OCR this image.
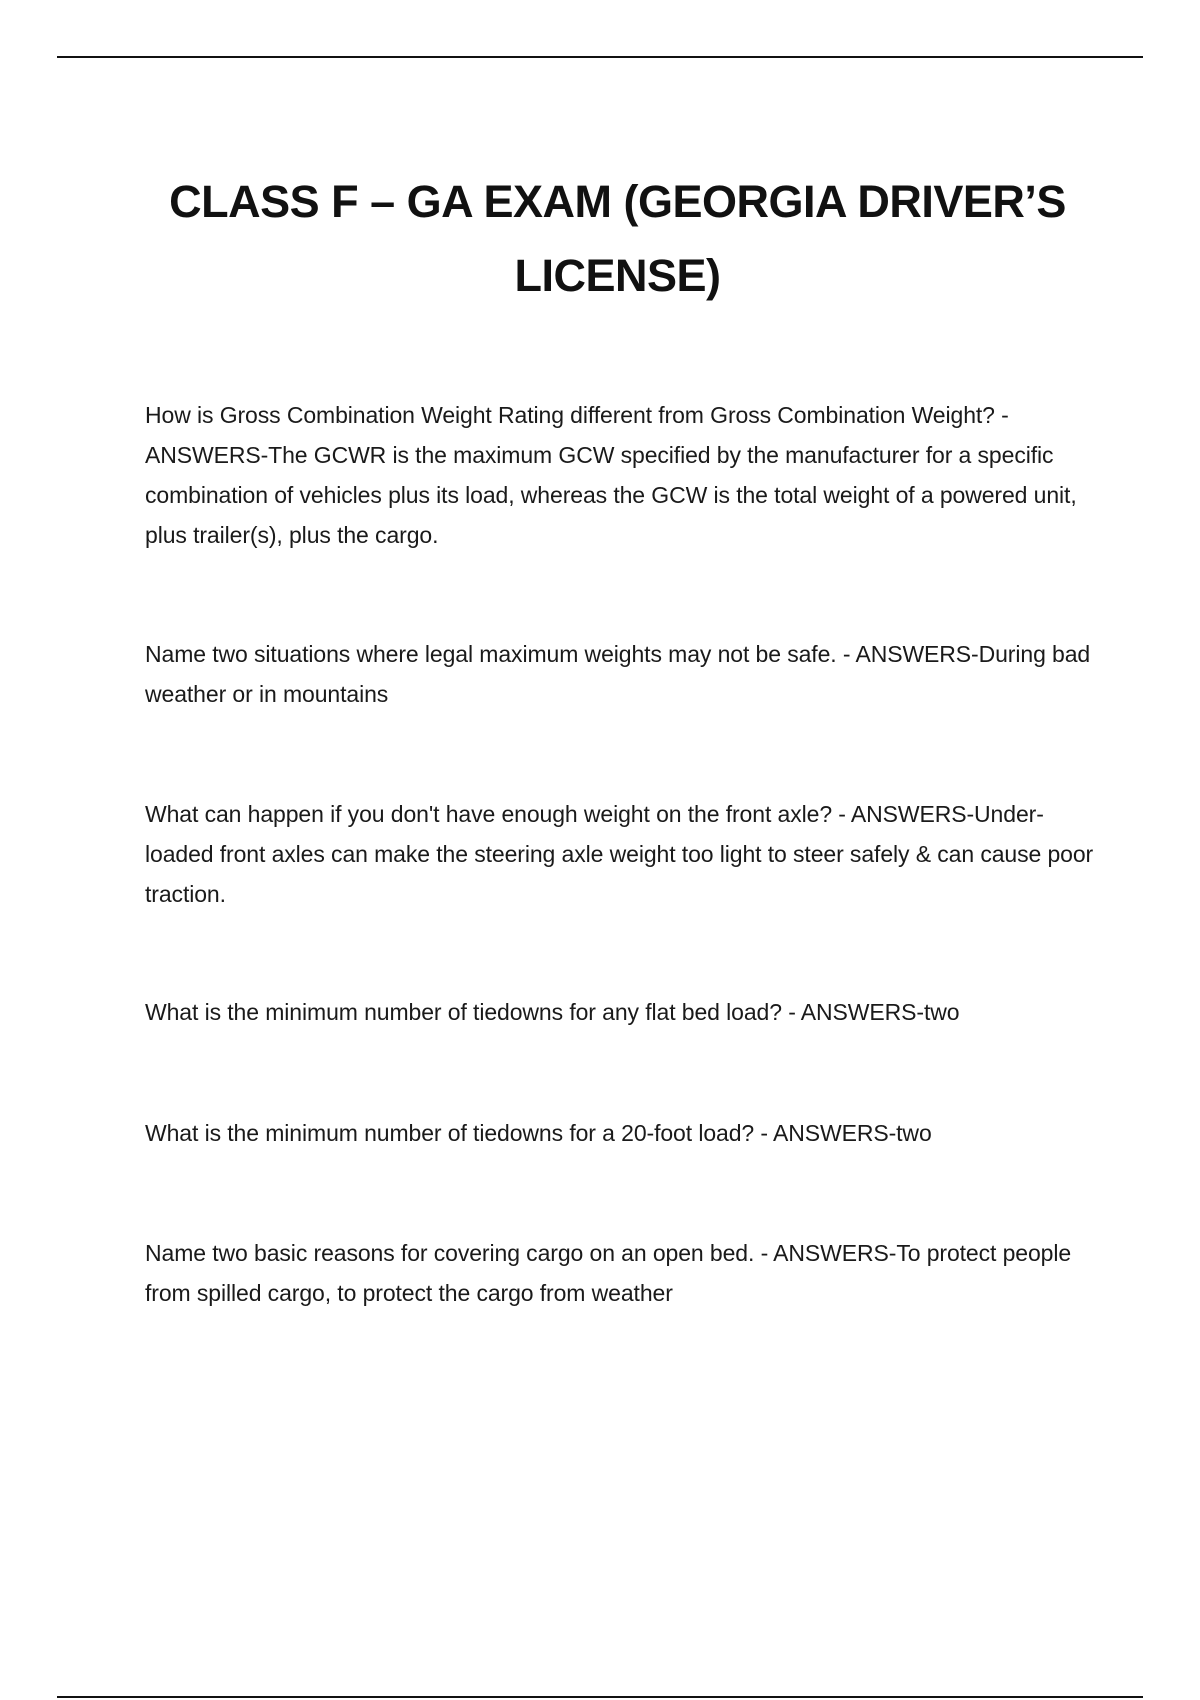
CLASS F – GA EXAM (GEORGIA DRIVER’S LICENSE)

How is Gross Combination Weight Rating different from Gross Combination Weight? - ANSWERS-The GCWR is the maximum GCW specified by the manufacturer for a specific combination of vehicles plus its load, whereas the GCW is the total weight of a powered unit, plus trailer(s), plus the cargo.

Name two situations where legal maximum weights may not be safe. - ANSWERS-During bad weather or in mountains

What can happen if you don't have enough weight on the front axle? - ANSWERS-Under-loaded front axles can make the steering axle weight too light to steer safely & can cause poor traction.

What is the minimum number of tiedowns for any flat bed load? - ANSWERS-two

What is the minimum number of tiedowns for a 20-foot load? - ANSWERS-two

Name two basic reasons for covering cargo on an open bed. - ANSWERS-To protect people from spilled cargo, to protect the cargo from weather
